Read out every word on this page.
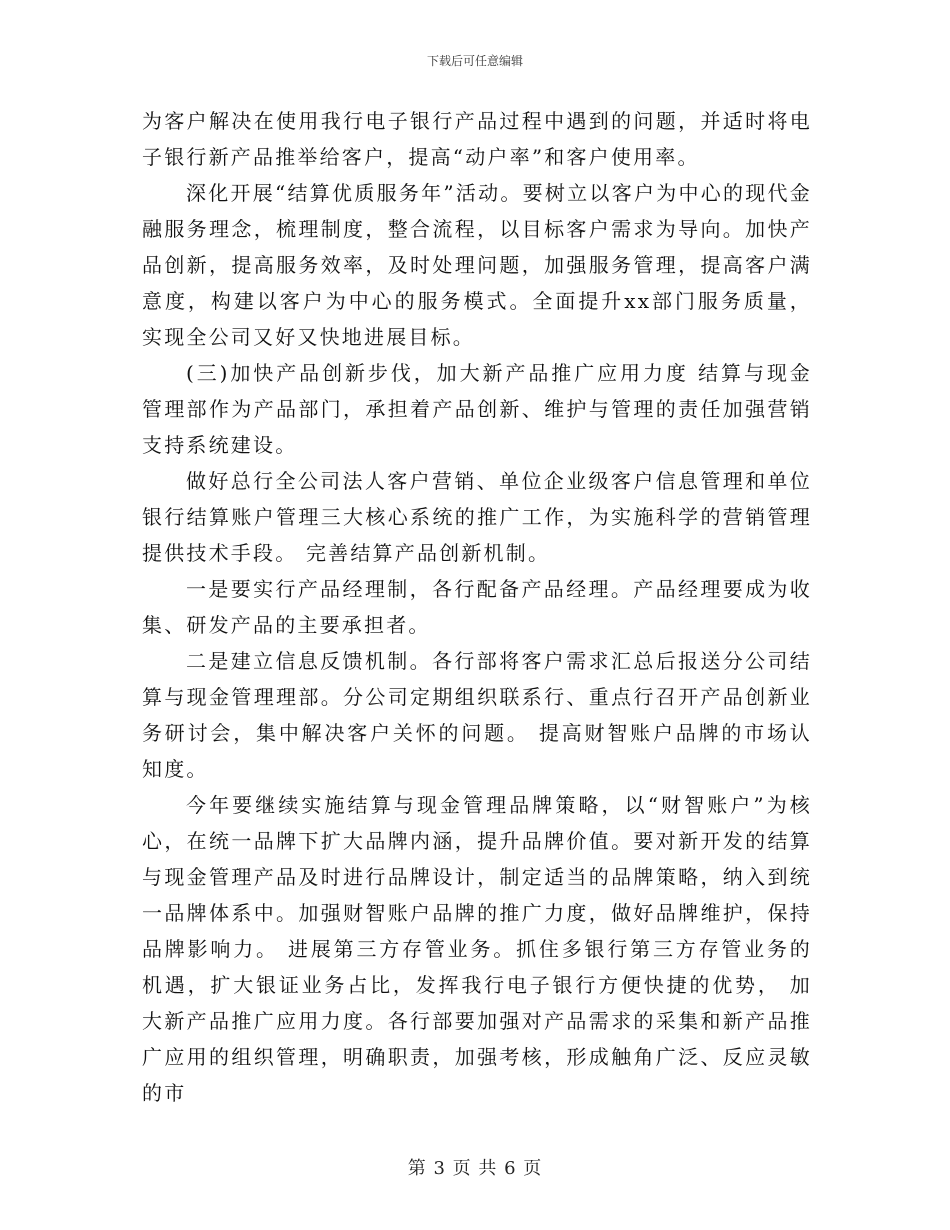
下载后可任意编辑

为客户解决在使用我行电子银行产品过程中遇到的问题，并适时将电子银行新产品推举给客户，提高“动户率”和客户使用率。

深化开展“结算优质服务年”活动。要树立以客户为中心的现代金融服务理念，梳理制度，整合流程，以目标客户需求为导向。加快产品创新，提高服务效率，及时处理问题，加强服务管理，提高客户满意度，构建以客户为中心的服务模式。全面提升xx部门服务质量，实现全公司又好又快地进展目标。

(三)加快产品创新步伐，加大新产品推广应用力度 结算与现金管理部作为产品部门，承担着产品创新、维护与管理的责任加强营销支持系统建设。

做好总行全公司法人客户营销、单位企业级客户信息管理和单位银行结算账户管理三大核心系统的推广工作，为实施科学的营销管理提供技术手段。 完善结算产品创新机制。

一是要实行产品经理制，各行配备产品经理。产品经理要成为收集、研发产品的主要承担者。

二是建立信息反馈机制。各行部将客户需求汇总后报送分公司结算与现金管理理部。分公司定期组织联系行、重点行召开产品创新业务研讨会，集中解决客户关怀的问题。 提高财智账户品牌的市场认知度。

今年要继续实施结算与现金管理品牌策略，以“财智账户”为核心，在统一品牌下扩大品牌内涵，提升品牌价值。要对新开发的结算与现金管理产品及时进行品牌设计，制定适当的品牌策略，纳入到统一品牌体系中。加强财智账户品牌的推广力度，做好品牌维护，保持品牌影响力。 进展第三方存管业务。抓住多银行第三方存管业务的机遇，扩大银证业务占比，发挥我行电子银行方便快捷的优势， 加大新产品推广应用力度。各行部要加强对产品需求的采集和新产品推广应用的组织管理，明确职责，加强考核，形成触角广泛、反应灵敏的市

第 3 页 共 6 页
